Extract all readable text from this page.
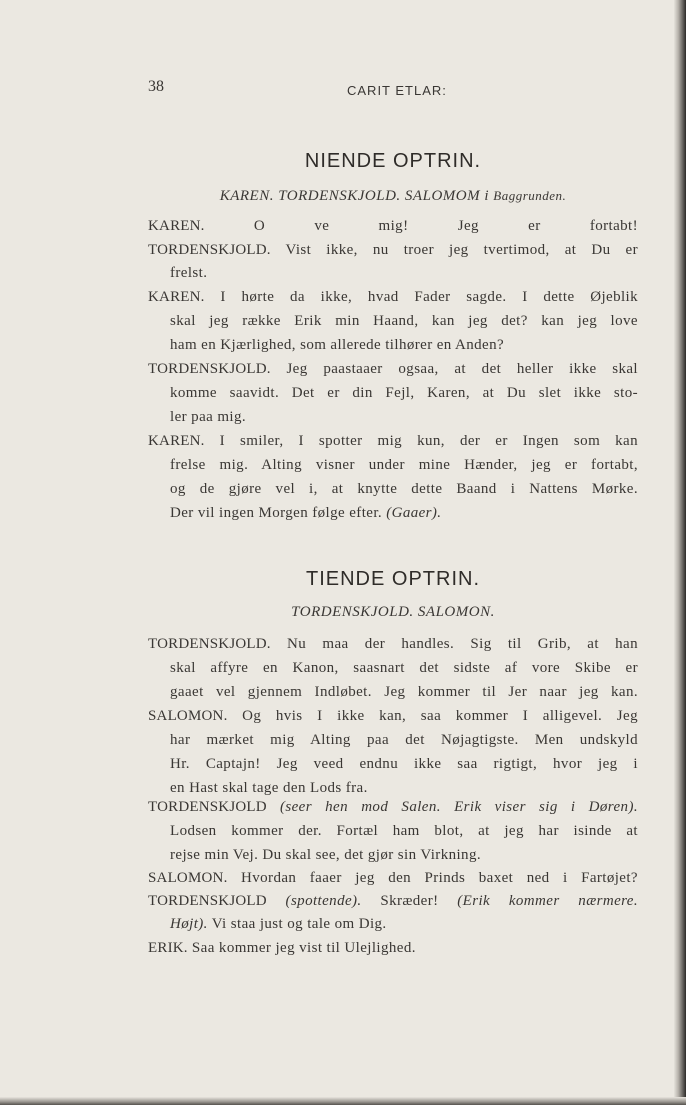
38	CARIT ETLAR:
NIENDE OPTRIN.
KAREN. TORDENSKJOLD. SALOMOM i Baggrunden.
KAREN.	O ve mig! Jeg er fortabt!
TORDENSKJOLD. Vist ikke, nu troer jeg tvertimod, at Du er
frelst.
KAREN. I hørte da ikke, hvad Fader sagde. I dette Øjeblik
skal jeg række Erik min Haand, kan jeg det? kan jeg love
ham en Kjærlighed, som allerede tilhører en Anden?
TORDENSKJOLD. Jeg paastaaer ogsaa, at det heller ikke skal
komme saavidt. Det er din Fejl, Karen, at Du slet ikke sto-
ler paa mig.
KAREN. I smiler, I spotter mig kun, der er Ingen som kan
frelse mig. Alting visner under mine Hænder, jeg er fortabt,
og de gjøre vel i, at knytte dette Baand i Nattens Mørke.
Der vil ingen Morgen følge efter. (Gaaer).
TIENDE OPTRIN.
TORDENSKJOLD. SALOMON.
TORDENSKJOLD. Nu maa der handles. Sig til Grib, at han
skal affyre en Kanon, saasnart det sidste af vore Skibe er
gaaet vel gjennem Indløbet. Jeg kommer til Jer naar jeg kan.
SALOMON. Og hvis I ikke kan, saa kommer I alligevel. Jeg
har mærket mig Alting paa det Nøjagtigste. Men undskyld
Hr. Captajn! Jeg veed endnu ikke saa rigtigt, hvor jeg i
en Hast skal tage den Lods fra.
TORDENSKJOLD (seer hen mod Salen. Erik viser sig i Døren).
Lodsen kommer der. Fortæl ham blot, at jeg har isinde at
rejse min Vej. Du skal see, det gjør sin Virkning.
SALOMON. Hvordan faaer jeg den Prinds baxet ned i Fartøjet?
TORDENSKJOLD (spottende). Skræder! (Erik kommer nærmere.
Højt). Vi staa just og tale om Dig.
ERIK. Saa kommer jeg vist til Ulejlighed.
